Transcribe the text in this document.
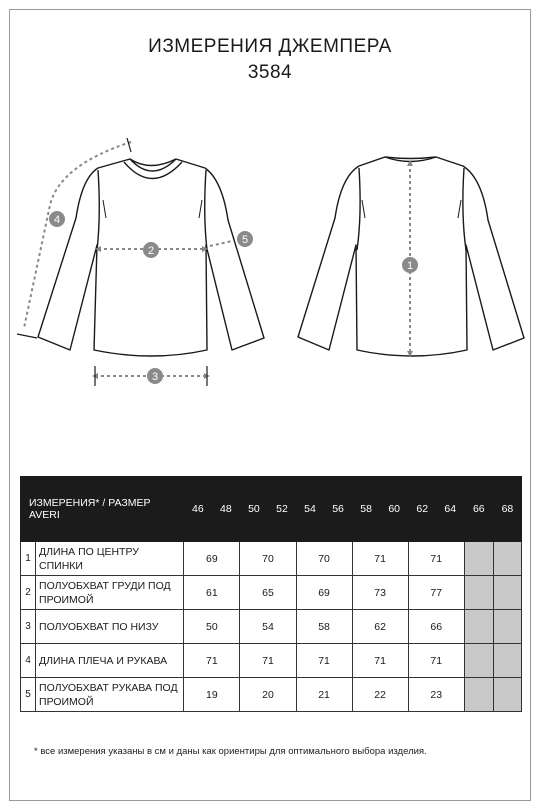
ИЗМЕРЕНИЯ ДЖЕМПЕРА
3584
1
2
3
4
5
ИЗМЕРЕНИЯ* / РАЗМЕР AVERI		46	48	50	52	54	56	58	60	62	64	66	68
1	ДЛИНА ПО ЦЕНТРУ СПИНКИ	69		70		70		71		71			
2	ПОЛУОБХВАТ ГРУДИ ПОД ПРОИМОЙ	61		65		69		73		77			
3	ПОЛУОБХВАТ ПО НИЗУ	50		54		58		62		66			
4	ДЛИНА ПЛЕЧА И РУКАВА	71		71		71		71		71			
5	ПОЛУОБХВАТ РУКАВА ПОД ПРОИМОЙ	19		20		21		22		23			
* все измерения указаны в см и даны как ориентиры для оптимального выбора изделия.
